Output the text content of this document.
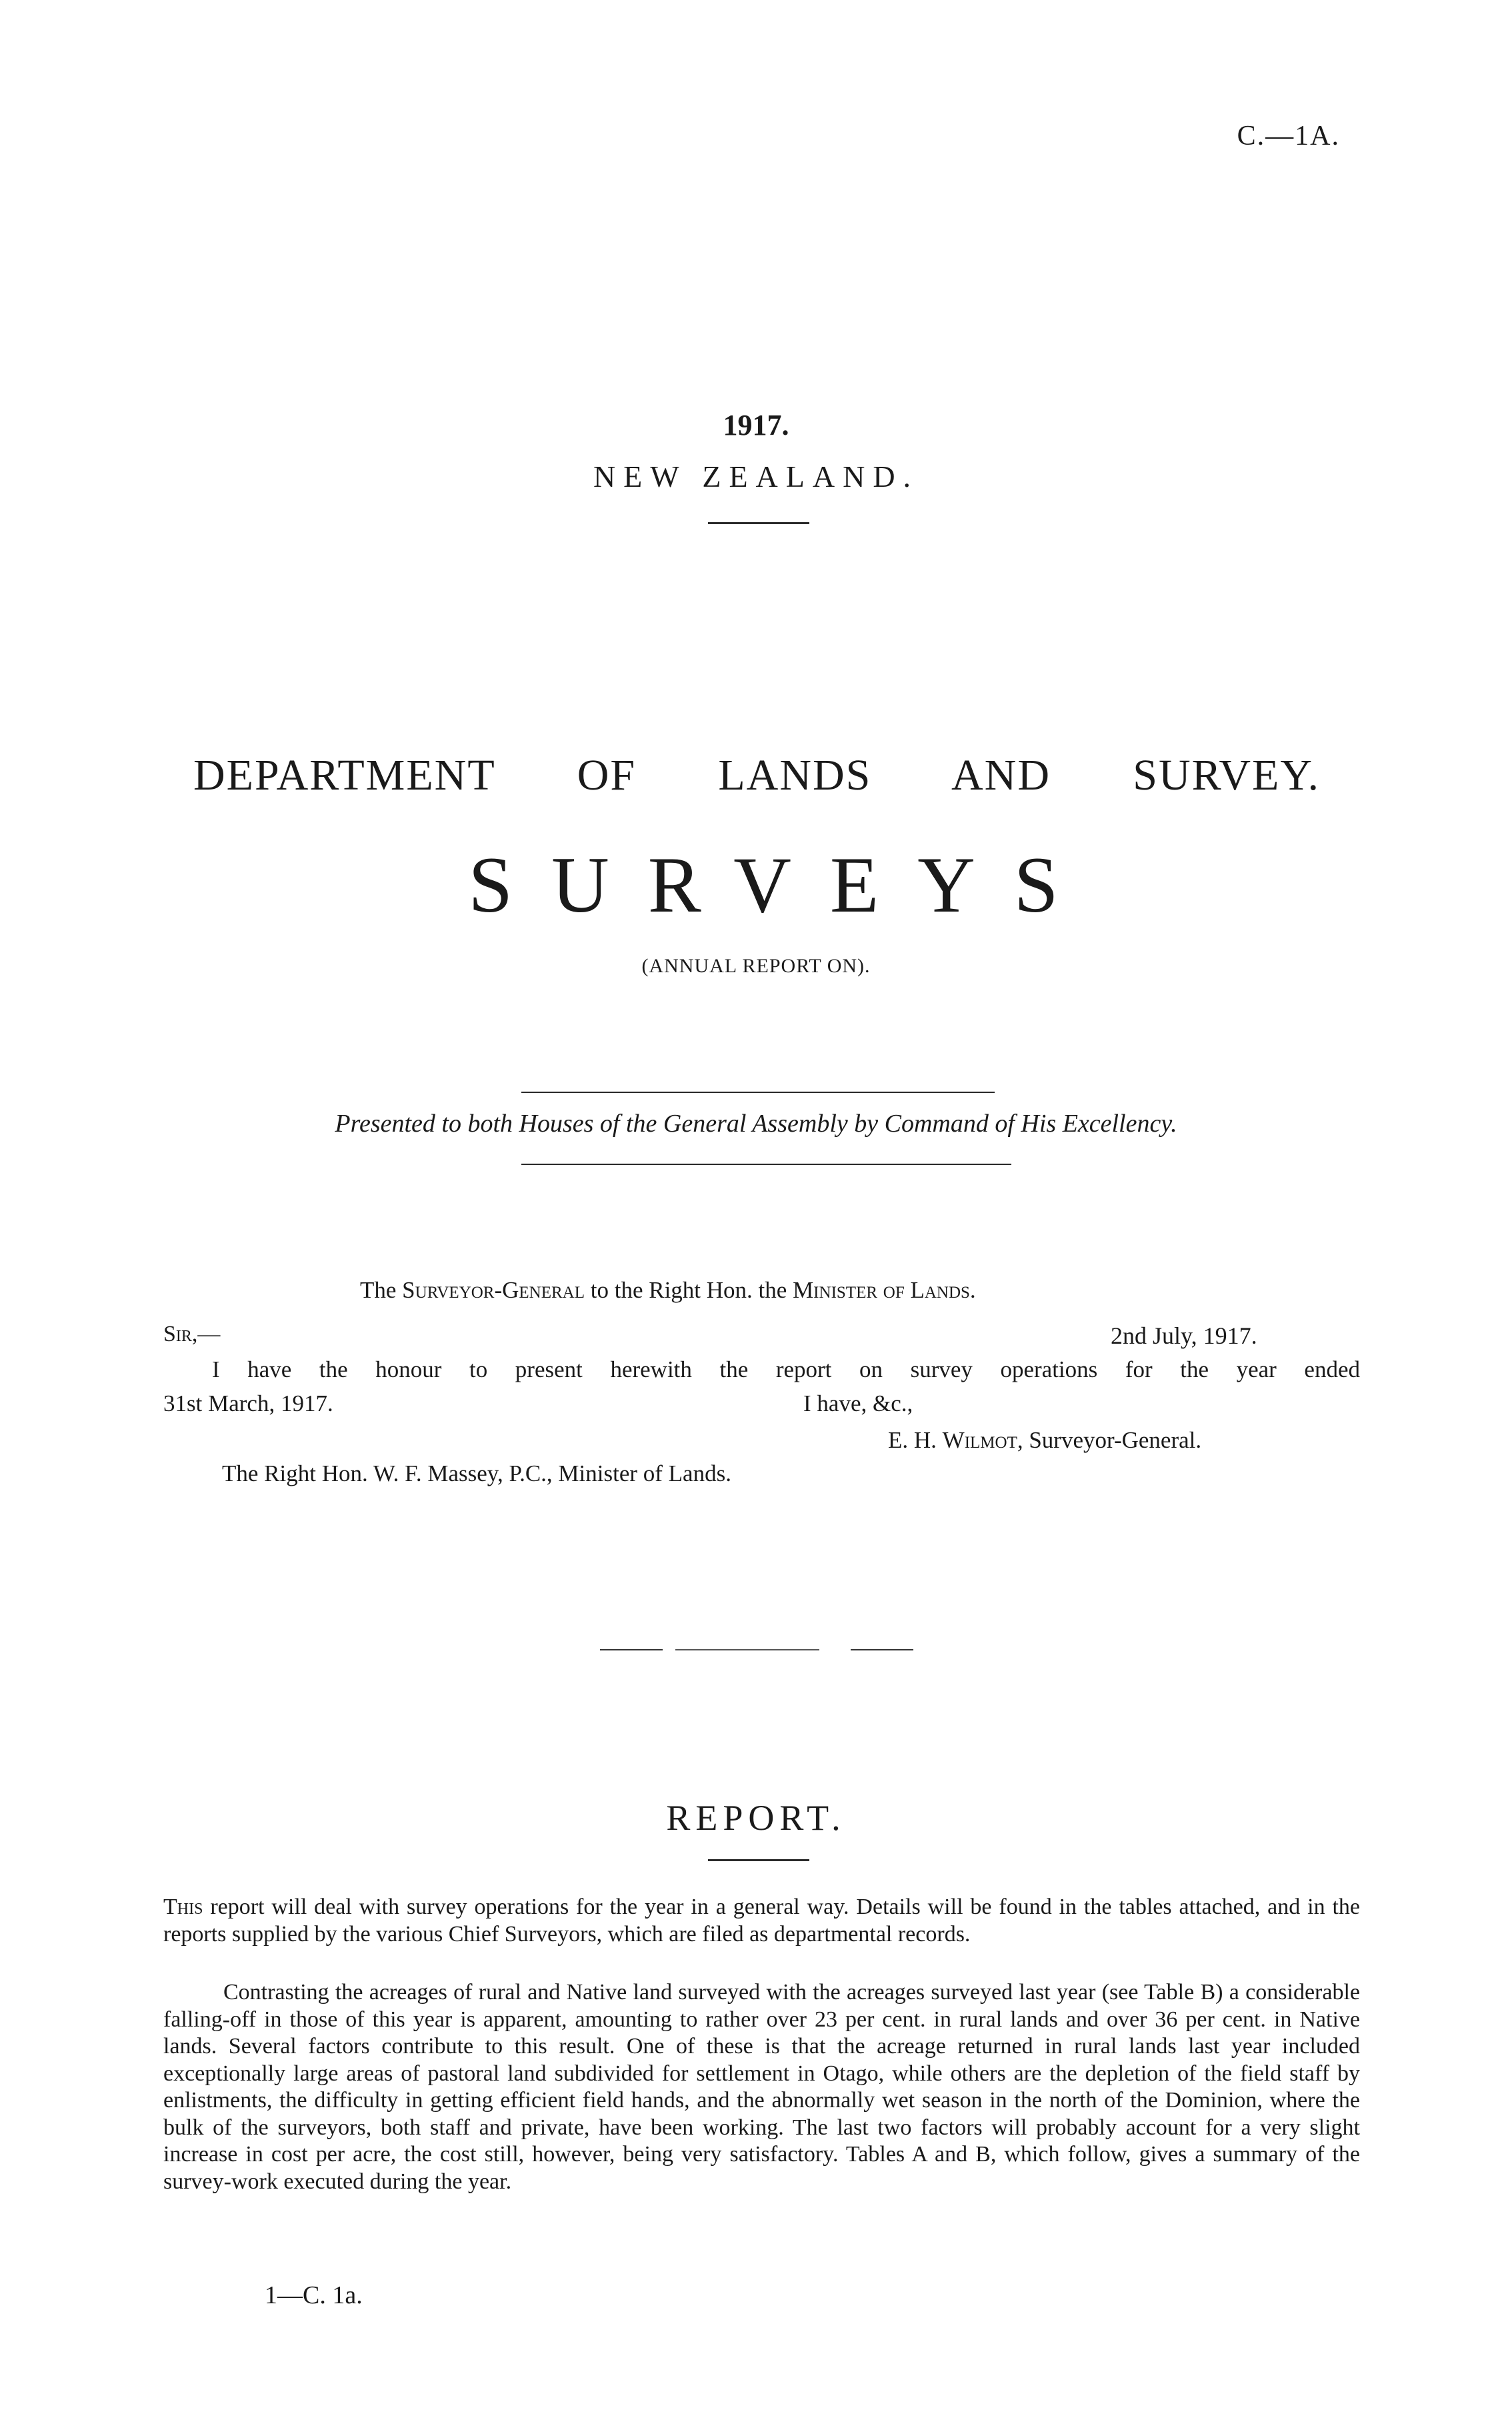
C.—1A.
1917.
NEW ZEALAND.
DEPARTMENT OF LANDS AND SURVEY.
SURVEYS
(ANNUAL REPORT ON).
Presented to both Houses of the General Assembly by Command of His Excellency.
The Surveyor-General to the Right Hon. the Minister of Lands.
Sir,—	2nd July, 1917.
I have the honour to present herewith the report on survey operations for the year ended
31st March, 1917.	I have, &c.,
E. H. Wilmot, Surveyor-General.
The Right Hon. W. F. Massey, P.C., Minister of Lands.
REPORT.

This report will deal with survey operations for the year in a general way. Details will be found in the tables attached, and in the reports supplied by the various Chief Surveyors, which are filed as departmental records.

Contrasting the acreages of rural and Native land surveyed with the acreages surveyed last year (see Table B) a considerable falling-off in those of this year is apparent, amounting to rather over 23 per cent. in rural lands and over 36 per cent. in Native lands. Several factors contribute to this result. One of these is that the acreage returned in rural lands last year included exceptionally large areas of pastoral land subdivided for settlement in Otago, while others are the depletion of the field staff by enlistments, the difficulty in getting efficient field hands, and the abnormally wet season in the north of the Dominion, where the bulk of the surveyors, both staff and private, have been working. The last two factors will probably account for a very slight increase in cost per acre, the cost still, however, being very satisfactory. Tables A and B, which follow, gives a summary of the survey-work executed during the year.

1—C. 1a.
